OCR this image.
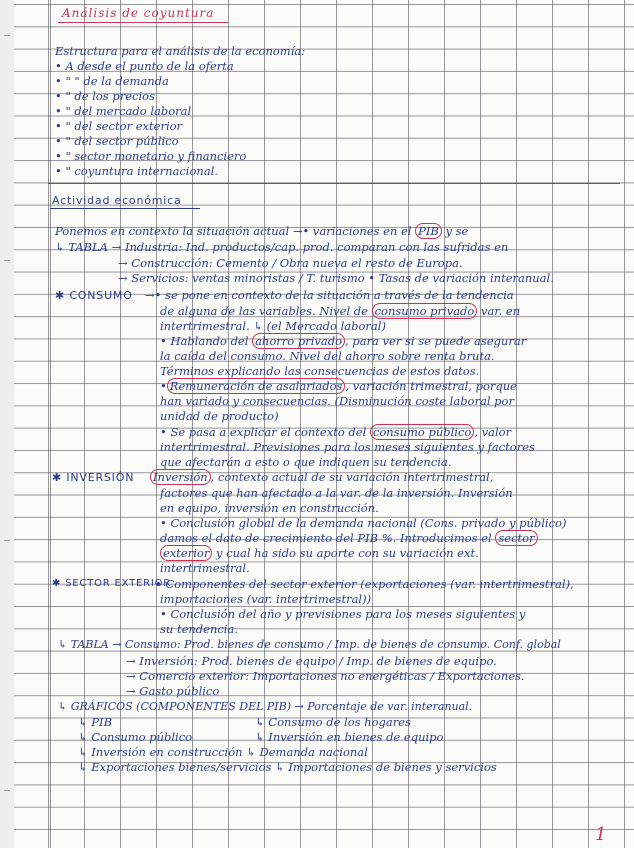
Análisis de coyuntura
Estructura para el análisis de la economía:
• A desde el punto de la oferta
• " " de la demanda
• " de los precios
• " del mercado laboral
• " del sector exterior
• " del sector público
• " sector monetario y financiero
• " coyuntura internacional.
Actividad económica
Ponemos en contexto la situación actual →• variaciones en el PIB y se
↳ TABLA → Industria: Ind. productos/cap. prod. comparan con las sufridas en
→ Construcción: Cemento / Obra nueva el resto de Europa.
→ Servicios: ventas minoristas / T. turismo • Tasas de variación interanual.
✱ CONSUMO →• se pone en contexto de la situación a través de la tendencia
de alguna de las variables. Nivel de consumo privado var. en
intertrimestral. ↳ (el Mercado laboral)
• Hablando del ahorro privado , para ver si se puede asegurar
la caída del consumo. Nivel del ahorro sobre renta bruta.
Términos explicando las consecuencias de estos datos.
• Remuneración de asalariados , variación trimestral, porque
han variado y consecuencias. (Disminución coste laboral por
unidad de producto)
• Se pasa a explicar el contexto del consumo público , valor
intertrimestral. Previsiones para los meses siguientes y factores
que afectarán a esto o que indiquen su tendencia.
✱ INVERSIÓN Inversión , contexto actual de su variación intertrimestral,
factores que han afectado a la var. de la inversión. Inversión
en equipo, inversión en construcción.
• Conclusión global de la demanda nacional (Cons. privado y público)
damos el dato de crecimiento del PIB %. Introducimos el sector
exterior y cual ha sido su aporte con su variación ext.
intertrimestral.
✱ SECTOR EXTERIOR
• Componentes del sector exterior (exportaciones (var. intertrimestral),
importaciones (var. intertrimestral))
• Conclusión del año y previsiones para los meses siguientes y
su tendencia.
↳ TABLA → Consumo: Prod. bienes de consumo / Imp. de bienes de consumo. Conf. global
→ Inversión: Prod. bienes de equipo / Imp. de bienes de equipo.
→ Comercio exterior: Importaciones no energéticas / Exportaciones.
→ Gasto público
↳ GRÁFICOS (COMPONENTES DEL PIB) → Porcentaje de var. interanual.
↳ PIB	↳ Consumo de los hogares
↳ Consumo público	↳ Inversión en bienes de equipo
↳ Inversión en construcción ↳ Demanda nacional
↳ Exportaciones bienes/servicios ↳ Importaciones de bienes y servicios
1
